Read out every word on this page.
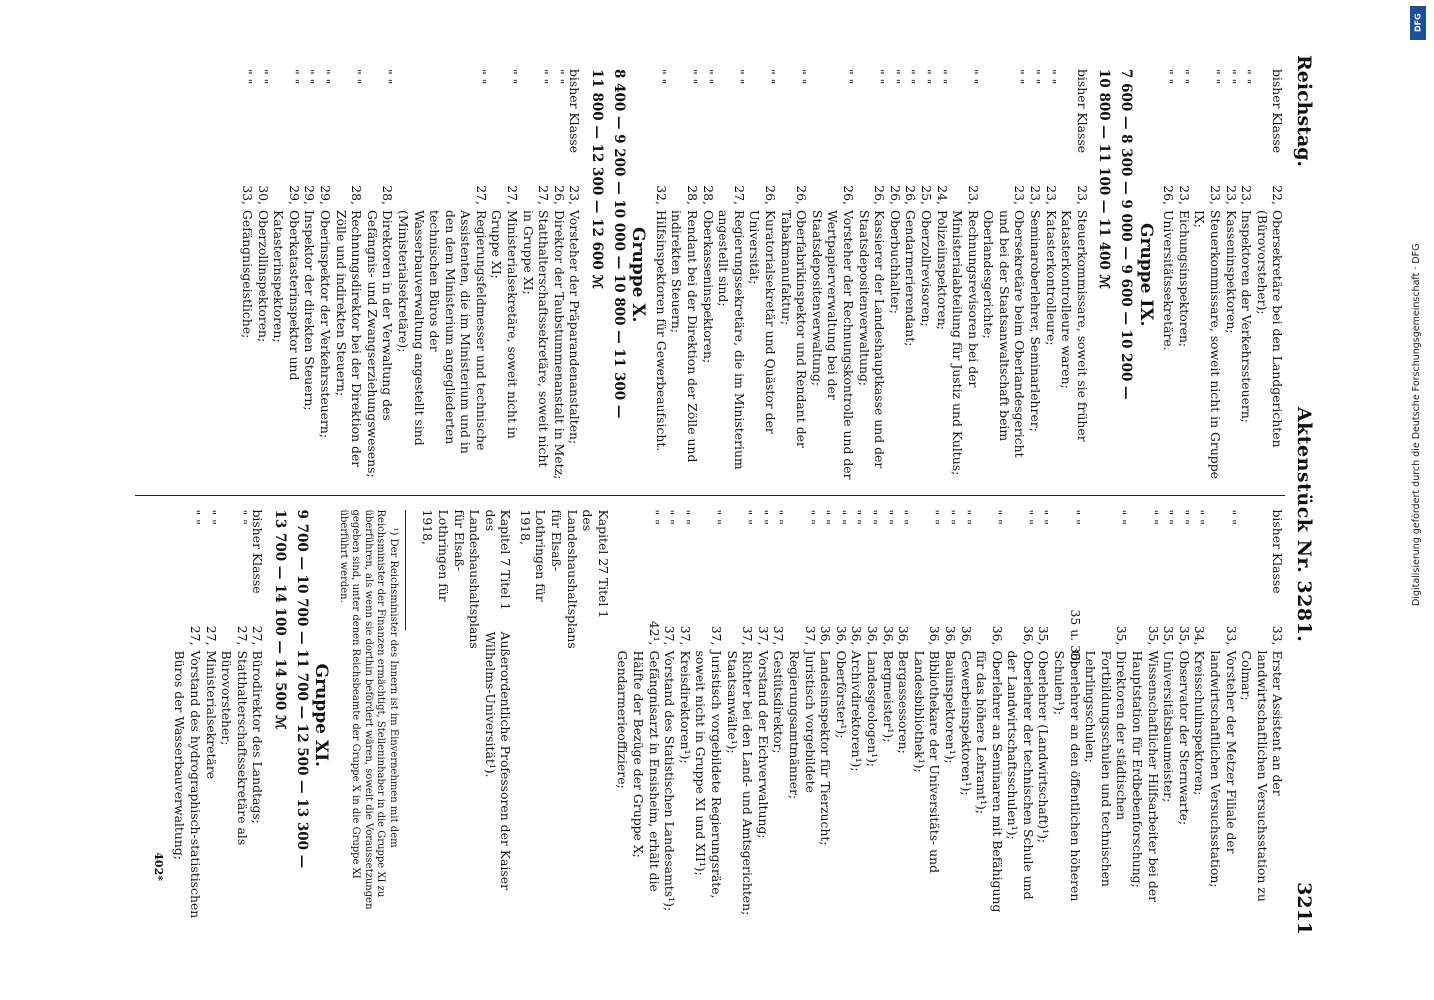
Reichstag.
Aktenstück Nr. 3281.
3211
bisher Klasse
22,
Obersekretäre bei den Landgerichten (Bürovorsteher);
" "
23,
Inspektoren der Verkehrssteuern;
" "
23,
Kasseninspektoren;
" "
23,
Steuerkommissare, soweit nicht in Gruppe IX;
" "
23,
Eichungsinspektoren;
" "
26,
Universitätssekretäre.
Gruppe IX.
7 600 — 8 300 — 9 000 — 9 600 — 10 200 —
10 800 — 11 100 — 11 400 ℳ
bisher Klasse
23,
Steuerkommissare, soweit sie früher Katasterkontrolleure waren;
" "
23,
Katasterkontrolleure;
" "
23,
Seminaroberlehrer, Seminarlehrer;
" "
23,
Obersekretäre beim Oberlandesgericht und bei der Staatsanwaltschaft beim Oberlandesgerichte;
" "
23,
Rechnungsrevisoren bei der Ministerialabteilung für Justiz und Kultus;
" "
24,
Polizeiinspektoren;
" "
25,
Oberzollrevisoren;
" "
26,
Gendarmerierendant;
" "
26,
Oberbuchhalter;
" "
26,
Kassierer der Landeshauptkasse und der Staatsdepositenverwaltung;
" "
26,
Vorsteher der Rechnungskontrolle und der Wertpapierverwaltung bei der Staatsdepositenverwaltung;
" "
26,
Oberfabrikinspektor und Rendant der Tabakmanufaktur;
" "
26,
Kuratorialsekretär und Quästor der Universität;
" "
27,
Regierungssekretäre, die im Ministerium angestellt sind;
" "
28,
Oberkasseninspektoren;
" "
28,
Rendant bei der Direktion der Zölle und indirekten Steuern;
" "
32,
Hilfsinspektoren für Gewerbeaufsicht.
Gruppe X.
8 400 — 9 200 — 10 000 — 10 800 — 11 300 —
11 800 — 12 300 — 12 600 ℳ
bisher Klasse
23,
Vorsteher der Präparandenanstalten;
" "
26,
Direktor der Taubstummenanstalt in Metz;
" "
27,
Statthalterschaftssekretäre, soweit nicht in Gruppe XI;
" "
27,
Ministerialsekretäre, soweit nicht in Gruppe XI;
" "
27,
Regierungsfeldmesser und technische Assistenten, die im Ministerium und in den dem Ministerium angegliederten technischen Büros der Wasserbauverwaltung angestellt sind (Ministerialsekretäre);
" "
28,
Direktoren in der Verwaltung des Gefängnis- und Zwangserziehungswesens;
" "
28,
Rechnungsdirektor bei der Direktion der Zölle und indirekten Steuern;
" "
29,
Oberinspektor der Verkehrssteuern;
" "
29,
Inspektor der direkten Steuern;
" "
29,
Oberkatasterinspektor und Katasterinspektoren;
" "
30,
Oberzollinspektoren;
" "
33,
Gefängnisgeistliche;
bisher Klasse
33,
Erster Assistent an der landwirtschaftlichen Versuchsstation zu Colmar;
" "
33,
Vorsteher der Metzer Filiale der landwirtschaftlichen Versuchsstation;
" "
34,
Kreisschulinspektoren;
" "
35,
Observator der Sternwarte;
" "
35,
Universitätsbaumeister;
" "
35,
Wissenschaftlicher Hilfsarbeiter bei der Hauptstation für Erdbebenforschung;
" "
35,
Direktoren der städtischen Fortbildungsschulen und technischen Lehrlingsschulen;
" "
35 u. 36,
Oberlehrer an den öffentlichen höheren Schulen¹);
" "
35,
Oberlehrer (Landwirtschaft)¹);
" "
36,
Oberlehrer der technischen Schule und der Landwirtschaftsschulen¹);
" "
36,
Oberlehrer an Seminaren mit Befähigung für das höhere Lehramt¹);
" "
36,
Gewerbeinspektoren¹);
" "
36,
Bauinspektoren¹);
" "
36,
Bibliothekare der Universitäts- und Landesbibliothek¹);
" "
36,
Bergassessoren;
" "
36,
Bergmeister¹);
" "
36,
Landesgeologen¹);
" "
36,
Archivdirektoren¹);
" "
36,
Oberförster¹);
" "
36,
Landesinspektor für Tierzucht;
" "
37,
Juristisch vorgebildete Regierungsamtmänner;
" "
37,
Gestütsdirektor;
" "
37,
Vorstand der Eichverwaltung;
" "
37,
Richter bei den Land- und Amtsgerichten; Staatsanwälte¹);
" "
37,
Juristisch vorgebildete Regierungsräte, soweit nicht in Gruppe XI und XII¹);
" "
37,
Kreisdirektoren¹);
" "
37,
Vorstand des Statistischen Landesamts¹);
" "
42¹,
Gefängnisarzt in Ensisheim, erhält die Hälfte der Bezüge der Gruppe X;
Gendarmerieoffiziere;
Kapitel 27 Titel 1 des Landeshaushaltsplans für Elsaß-Lothringen für 1918,
Kapitel 7 Titel 1 des Landeshaushaltsplans für Elsaß-Lothringen für 1918,
Außerordentliche Professoren der Kaiser Wilhelms-Universität¹).
¹) Der Reichsminister des Innern ist im Einvernehmen mit dem Reichsminister der Finanzen ermächtigt, Stelleninhaber in die Gruppe XI zu überführen, als wenn sie dorthin befördert wären, soweit die Voraussetzungen gegeben sind, unter denen Reichsbeamte der Gruppe X in die Gruppe XI überführt werden.
Gruppe XI.
9 700 — 10 700 — 11 700 — 12 500 — 13 300 —
13 700 — 14 100 — 14 500 ℳ
bisher Klasse
27,
Bürodirektor des Landtags;
" "
27,
Statthalterschaftssekretäre als Bürovorsteher;
" "
27,
Ministerialsekretäre
" "
27,
Vorstand des hydrographisch-statistischen Büros der Wasserbauverwaltung;
402*
DFG
Digitalisierung gefördert durch die Deutsche Forschungsgemeinschaft · DFG
